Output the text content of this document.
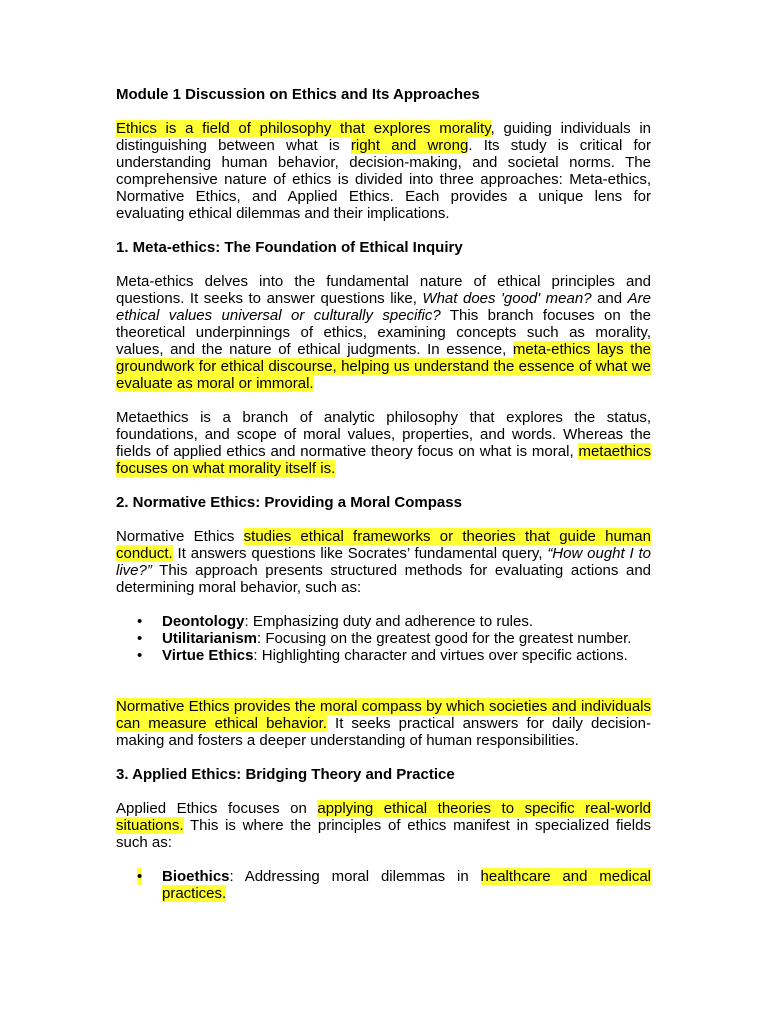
Module 1 Discussion on Ethics and Its Approaches

Ethics is a field of philosophy that explores morality, guiding individuals in distinguishing between what is right and wrong. Its study is critical for understanding human behavior, decision-making, and societal norms. The comprehensive nature of ethics is divided into three approaches: Meta-ethics, Normative Ethics, and Applied Ethics. Each provides a unique lens for evaluating ethical dilemmas and their implications.

1. Meta-ethics: The Foundation of Ethical Inquiry

Meta-ethics delves into the fundamental nature of ethical principles and questions. It seeks to answer questions like, What does 'good' mean? and Are ethical values universal or culturally specific? This branch focuses on the theoretical underpinnings of ethics, examining concepts such as morality, values, and the nature of ethical judgments. In essence, meta-ethics lays the groundwork for ethical discourse, helping us understand the essence of what we evaluate as moral or immoral.

Metaethics is a branch of analytic philosophy that explores the status, foundations, and scope of moral values, properties, and words. Whereas the fields of applied ethics and normative theory focus on what is moral, metaethics focuses on what morality itself is.

2. Normative Ethics: Providing a Moral Compass

Normative Ethics studies ethical frameworks or theories that guide human conduct. It answers questions like Socrates’ fundamental query, “How ought I to live?” This approach presents structured methods for evaluating actions and determining moral behavior, such as:

• Deontology: Emphasizing duty and adherence to rules.
• Utilitarianism: Focusing on the greatest good for the greatest number.
• Virtue Ethics: Highlighting character and virtues over specific actions.

Normative Ethics provides the moral compass by which societies and individuals can measure ethical behavior. It seeks practical answers for daily decision-making and fosters a deeper understanding of human responsibilities.

3. Applied Ethics: Bridging Theory and Practice

Applied Ethics focuses on applying ethical theories to specific real-world situations. This is where the principles of ethics manifest in specialized fields such as:

• Bioethics: Addressing moral dilemmas in healthcare and medical practices.
